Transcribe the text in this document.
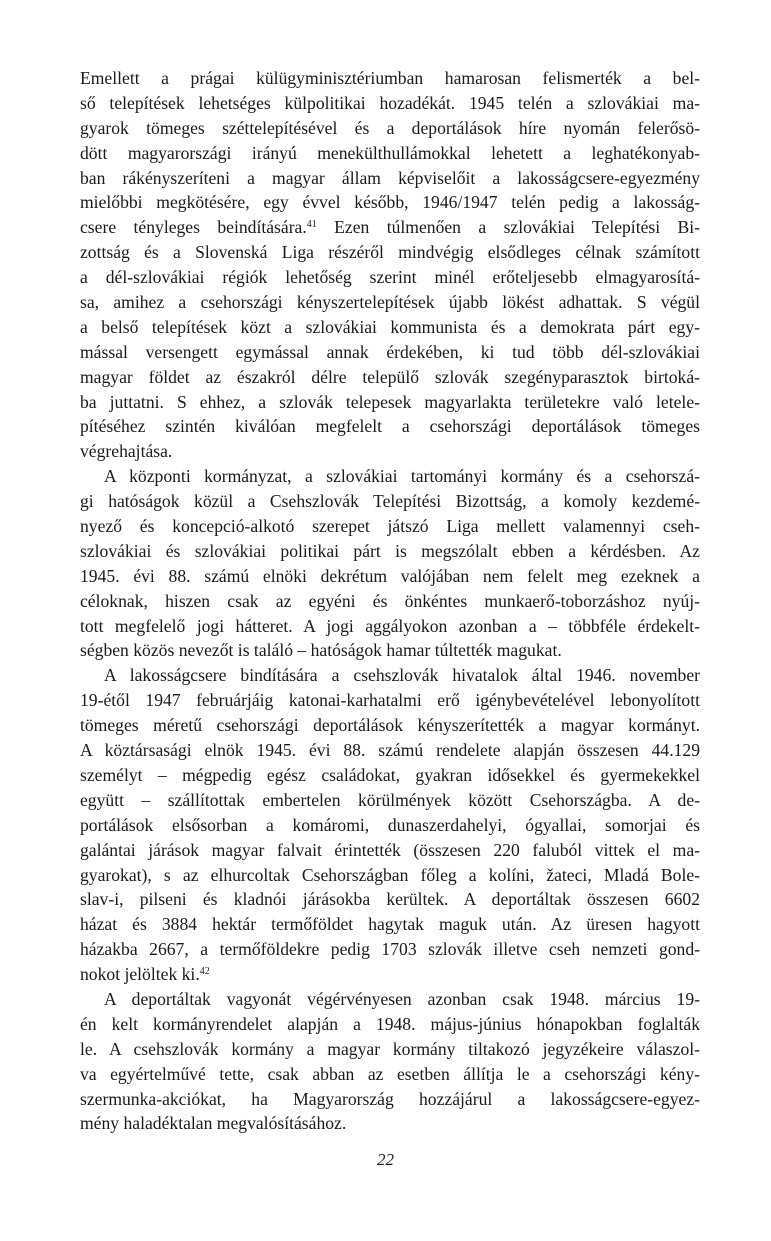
Emellett a prágai külügyminisztériumban hamarosan felismerték a bel-
ső telepítések lehetséges külpolitikai hozadékát. 1945 telén a szlovákiai ma-
gyarok tömeges széttelepítésével és a deportálások híre nyomán felerősö-
dött magyarországi irányú menekülthullámokkal lehetett a leghatékonyab-
ban rákényszeríteni a magyar állam képviselőit a lakosságcsere-egyezmény
mielőbbi megkötésére, egy évvel később, 1946/1947 telén pedig a lakosság-
csere tényleges beindítására.$^{41}$ Ezen túlmenően a szlovákiai Telepítési Bi-
zottság és a Slovenská Liga részéről mindvégig elsődleges célnak számított
a dél-szlovákiai régiók lehetőség szerint minél erőteljesebb elmagyarosítá-
sa, amihez a csehországi kényszertelepítések újabb lökést adhattak. S végül
a belső telepítések közt a szlovákiai kommunista és a demokrata párt egy-
mással versengett egymással annak érdekében, ki tud több dél-szlovákiai
magyar földet az északról délre települő szlovák szegényparasztok birtoká-
ba juttatni. S ehhez, a szlovák telepesek magyarlakta területekre való letele-
pítéséhez szintén kiválóan megfelelt a csehországi deportálások tömeges
végrehajtása.
A központi kormányzat, a szlovákiai tartományi kormány és a csehorszá-
gi hatóságok közül a Csehszlovák Telepítési Bizottság, a komoly kezdemé-
nyező és koncepció-alkotó szerepet játszó Liga mellett valamennyi cseh-
szlovákiai és szlovákiai politikai párt is megszólalt ebben a kérdésben. Az
1945. évi 88. számú elnöki dekrétum valójában nem felelt meg ezeknek a
céloknak, hiszen csak az egyéni és önkéntes munkaerő-toborzáshoz nyúj-
tott megfelelő jogi hátteret. A jogi aggályokon azonban a – többféle érdekelt-
ségben közös nevezőt is találó – hatóságok hamar túltették magukat.
A lakosságcsere bindítására a csehszlovák hivatalok által 1946. november
19-étől 1947 februárjáig katonai-karhatalmi erő igénybevételével lebonyolított
tömeges méretű csehországi deportálások kényszerítették a magyar kormányt.
A köztársasági elnök 1945. évi 88. számú rendelete alapján összesen 44.129
személyt – mégpedig egész családokat, gyakran idősekkel és gyermekekkel
együtt – szállítottak embertelen körülmények között Csehországba. A de-
portálások elsősorban a komáromi, dunaszerdahelyi, ógyallai, somorjai és
galántai járások magyar falvait érintették (összesen 220 faluból vittek el ma-
gyarokat), s az elhurcoltak Csehországban főleg a kolíni, žateci, Mladá Bole-
slav-i, pilseni és kladnói járásokba kerültek. A deportáltak összesen 6602
házat és 3884 hektár termőföldet hagytak maguk után. Az üresen hagyott
házakba 2667, a termőföldekre pedig 1703 szlovák illetve cseh nemzeti gond-
nokot jelöltek ki.$^{42}$
A deportáltak vagyonát végérvényesen azonban csak 1948. március 19-
én kelt kormányrendelet alapján a 1948. május-június hónapokban foglalták
le. A csehszlovák kormány a magyar kormány tiltakozó jegyzékeire válaszol-
va egyértelművé tette, csak abban az esetben állítja le a csehországi kény-
szermunka-akciókat, ha Magyarország hozzájárul a lakosságcsere-egyez-
mény haladéktalan megvalósításához.
22
